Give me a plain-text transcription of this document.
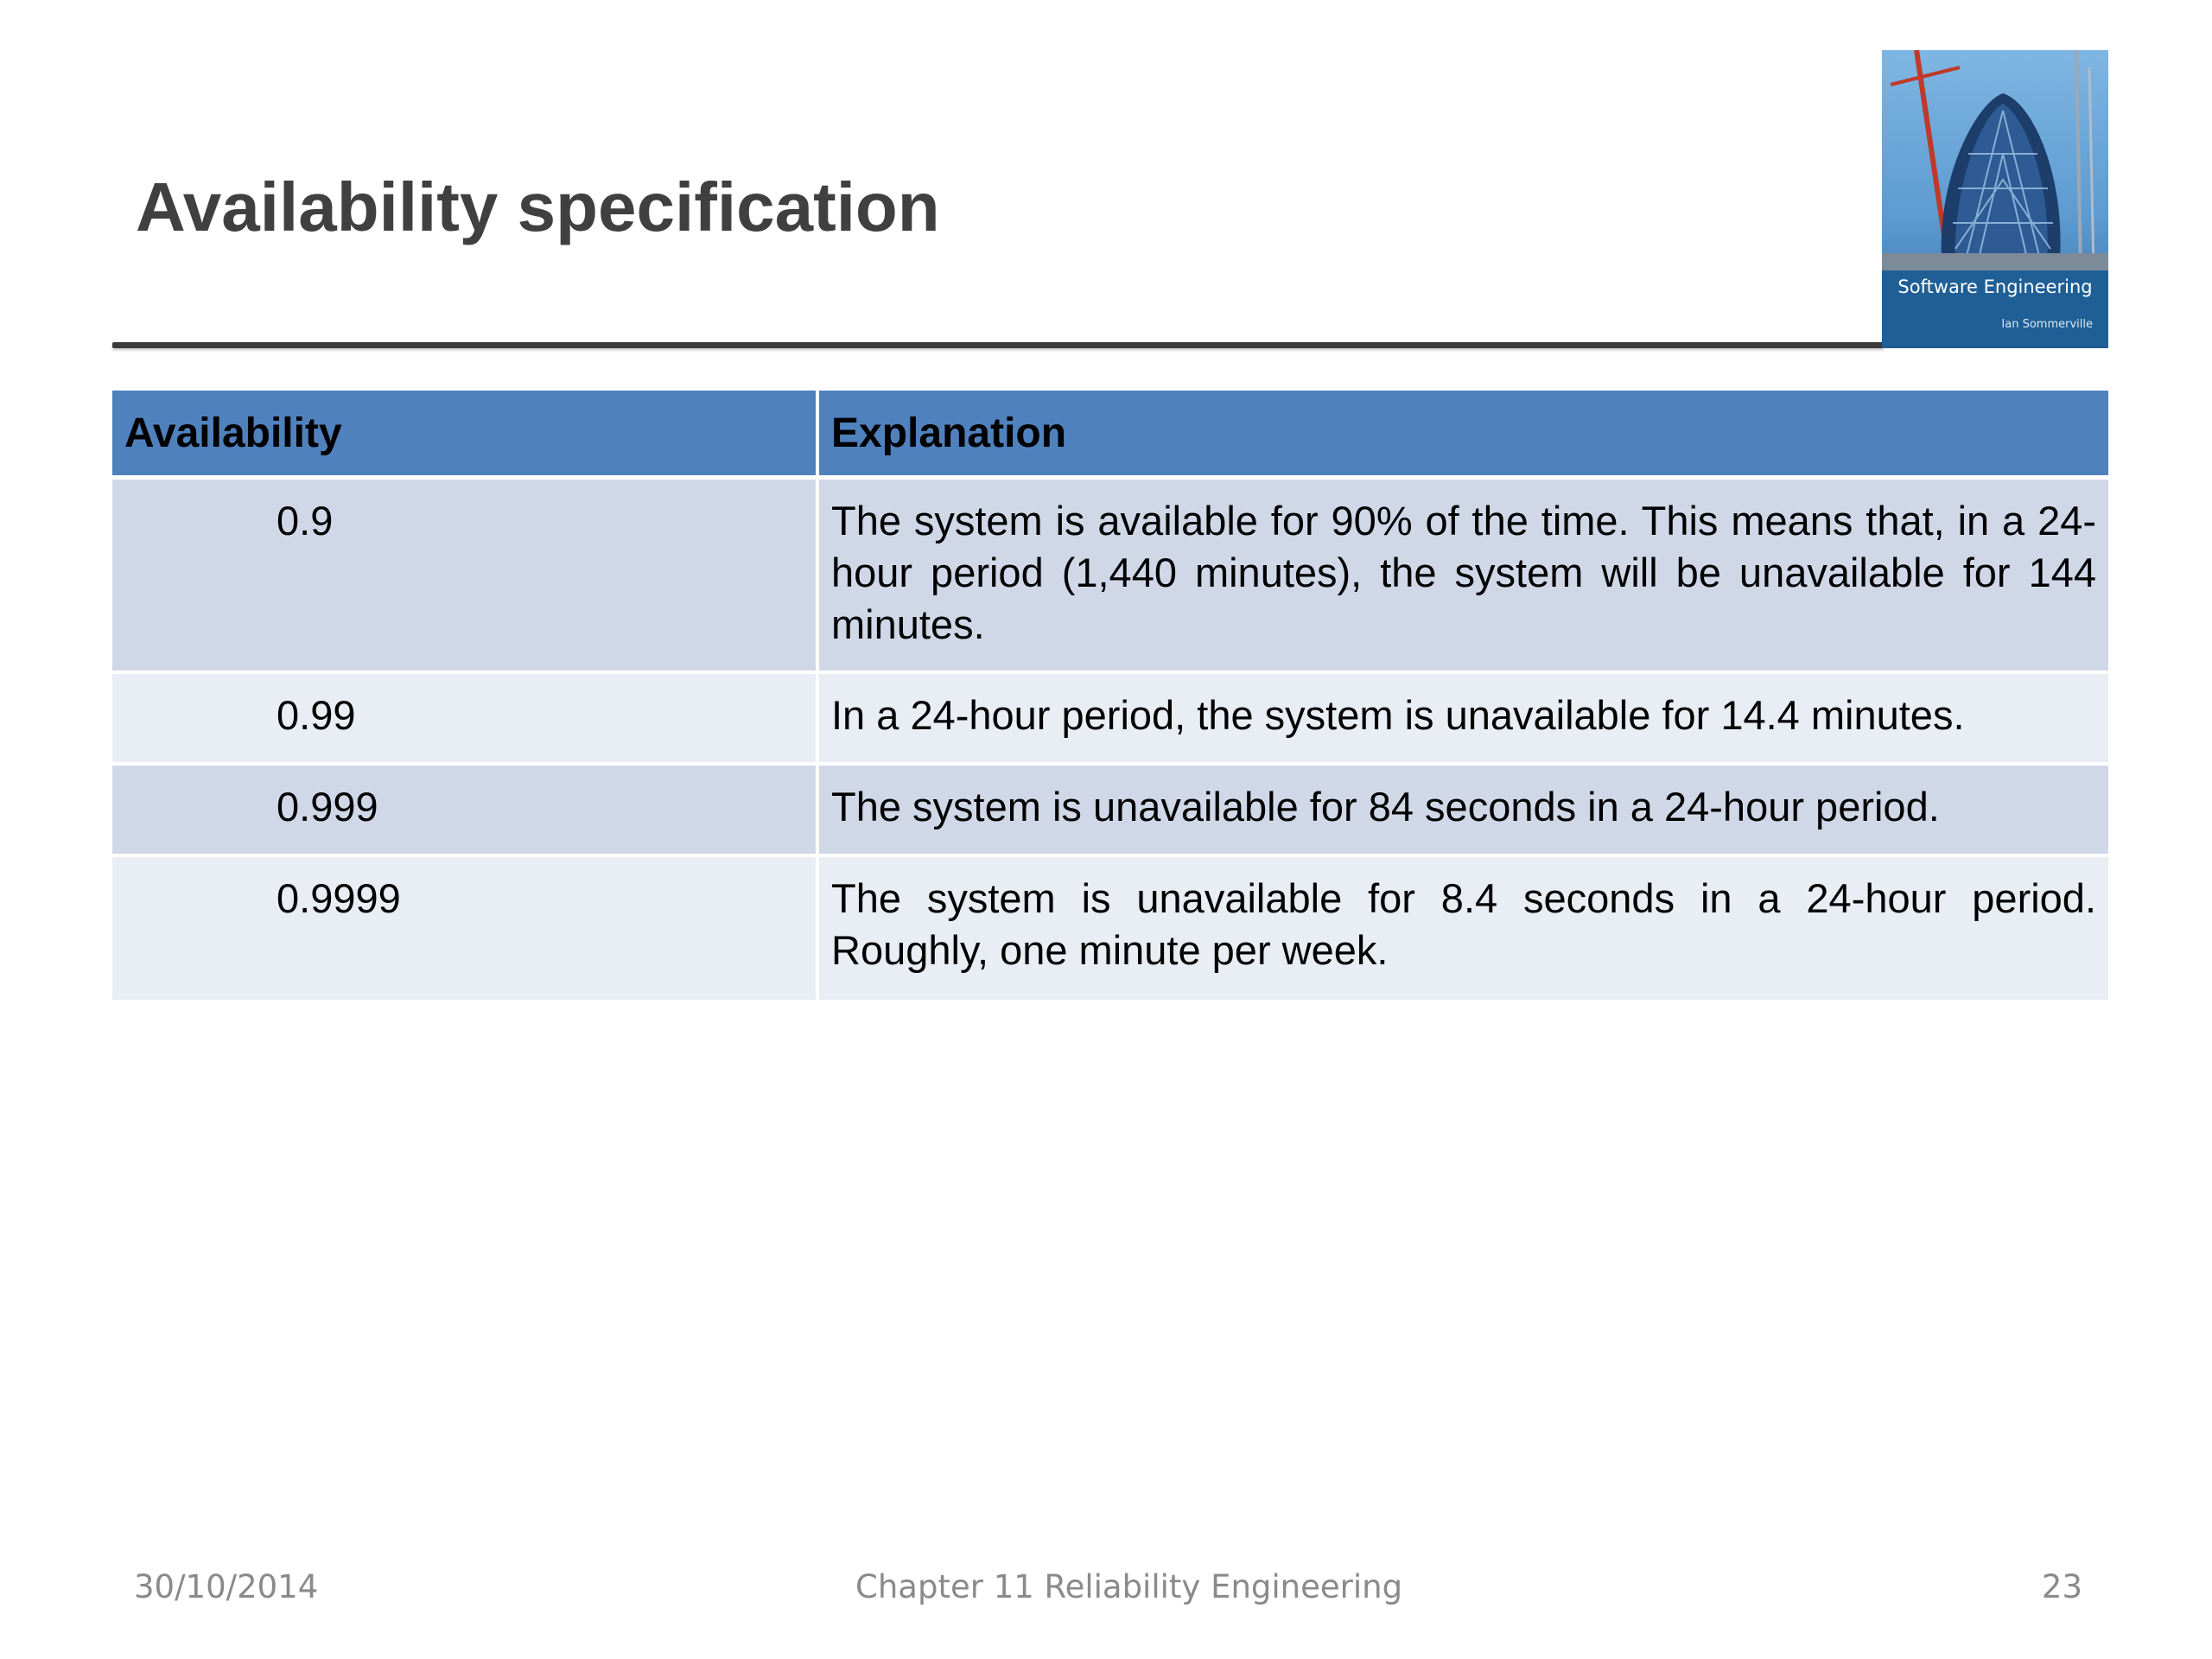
Availability specification
Software Engineering
Ian Sommerville
Availability	Explanation
0.9	The system is available for 90% of the time. This means that, in a 24-hour period (1,440 minutes), the system will be unavailable for 144 minutes.
0.99	In a 24-hour period, the system is unavailable for 14.4 minutes.
0.999	The system is unavailable for 84 seconds in a 24-hour period.
0.9999	The system is unavailable for 8.4 seconds in a 24-hour period. Roughly, one minute per week.
30/10/2014	Chapter 11 Reliability Engineering	23
